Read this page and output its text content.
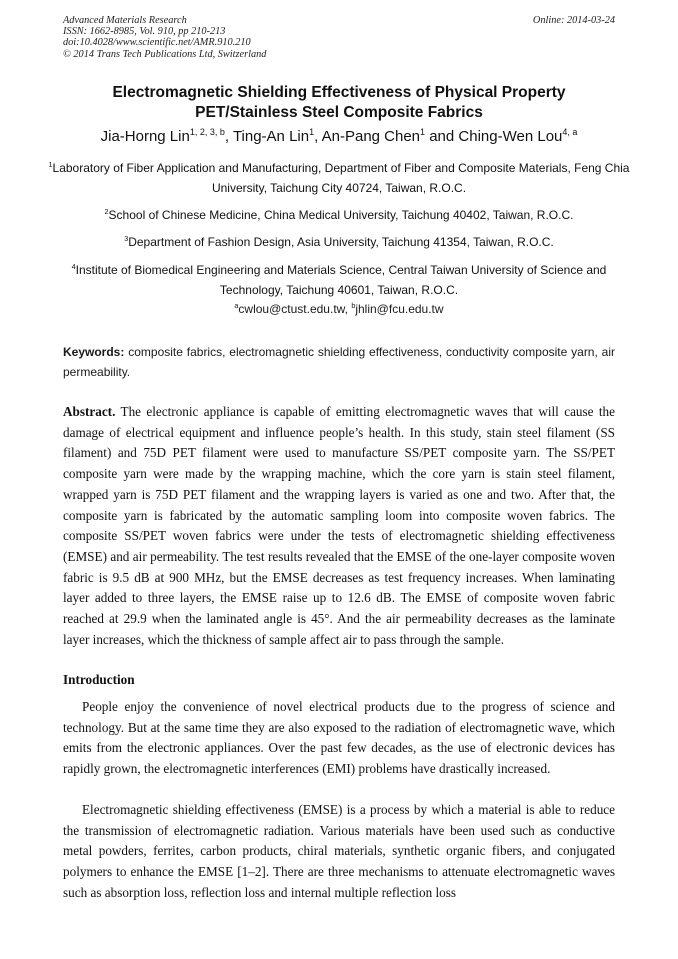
Advanced Materials Research
ISSN: 1662-8985, Vol. 910, pp 210-213
doi:10.4028/www.scientific.net/AMR.910.210
© 2014 Trans Tech Publications Ltd, Switzerland
Online: 2014-03-24
Electromagnetic Shielding Effectiveness of Physical Property
PET/Stainless Steel Composite Fabrics
Jia-Horng Lin$^{1, 2, 3, b}$, Ting-An Lin$^1$, An-Pang Chen$^1$ and Ching-Wen Lou$^{4, a}$
$^1$Laboratory of Fiber Application and Manufacturing, Department of Fiber and Composite Materials, Feng Chia University, Taichung City 40724, Taiwan, R.O.C.
$^2$School of Chinese Medicine, China Medical University, Taichung 40402, Taiwan, R.O.C.
$^3$Department of Fashion Design, Asia University, Taichung 41354, Taiwan, R.O.C.
$^4$Institute of Biomedical Engineering and Materials Science, Central Taiwan University of Science and Technology, Taichung 40601, Taiwan, R.O.C.
$^a$cwlou@ctust.edu.tw, $^b$jhlin@fcu.edu.tw
Keywords: composite fabrics, electromagnetic shielding effectiveness, conductivity composite yarn, air permeability.
Abstract. The electronic appliance is capable of emitting electromagnetic waves that will cause the damage of electrical equipment and influence people’s health. In this study, stain steel filament (SS filament) and 75D PET filament were used to manufacture SS/PET composite yarn. The SS/PET composite yarn were made by the wrapping machine, which the core yarn is stain steel filament, wrapped yarn is 75D PET filament and the wrapping layers is varied as one and two. After that, the composite yarn is fabricated by the automatic sampling loom into composite woven fabrics. The composite SS/PET woven fabrics were under the tests of electromagnetic shielding effectiveness (EMSE) and air permeability. The test results revealed that the EMSE of the one-layer composite woven fabric is 9.5 dB at 900 MHz, but the EMSE decreases as test frequency increases. When laminating layer added to three layers, the EMSE raise up to 12.6 dB. The EMSE of composite woven fabric reached at 29.9 when the laminated angle is 45°. And the air permeability decreases as the laminate layer increases, which the thickness of sample affect air to pass through the sample.
Introduction
People enjoy the convenience of novel electrical products due to the progress of science and technology. But at the same time they are also exposed to the radiation of electromagnetic wave, which emits from the electronic appliances. Over the past few decades, as the use of electronic devices has rapidly grown, the electromagnetic interferences (EMI) problems have drastically increased.
Electromagnetic shielding effectiveness (EMSE) is a process by which a material is able to reduce the transmission of electromagnetic radiation. Various materials have been used such as conductive metal powders, ferrites, carbon products, chiral materials, synthetic organic fibers, and conjugated polymers to enhance the EMSE [1–2]. There are three mechanisms to attenuate electromagnetic waves such as absorption loss, reflection loss and internal multiple reflection loss
